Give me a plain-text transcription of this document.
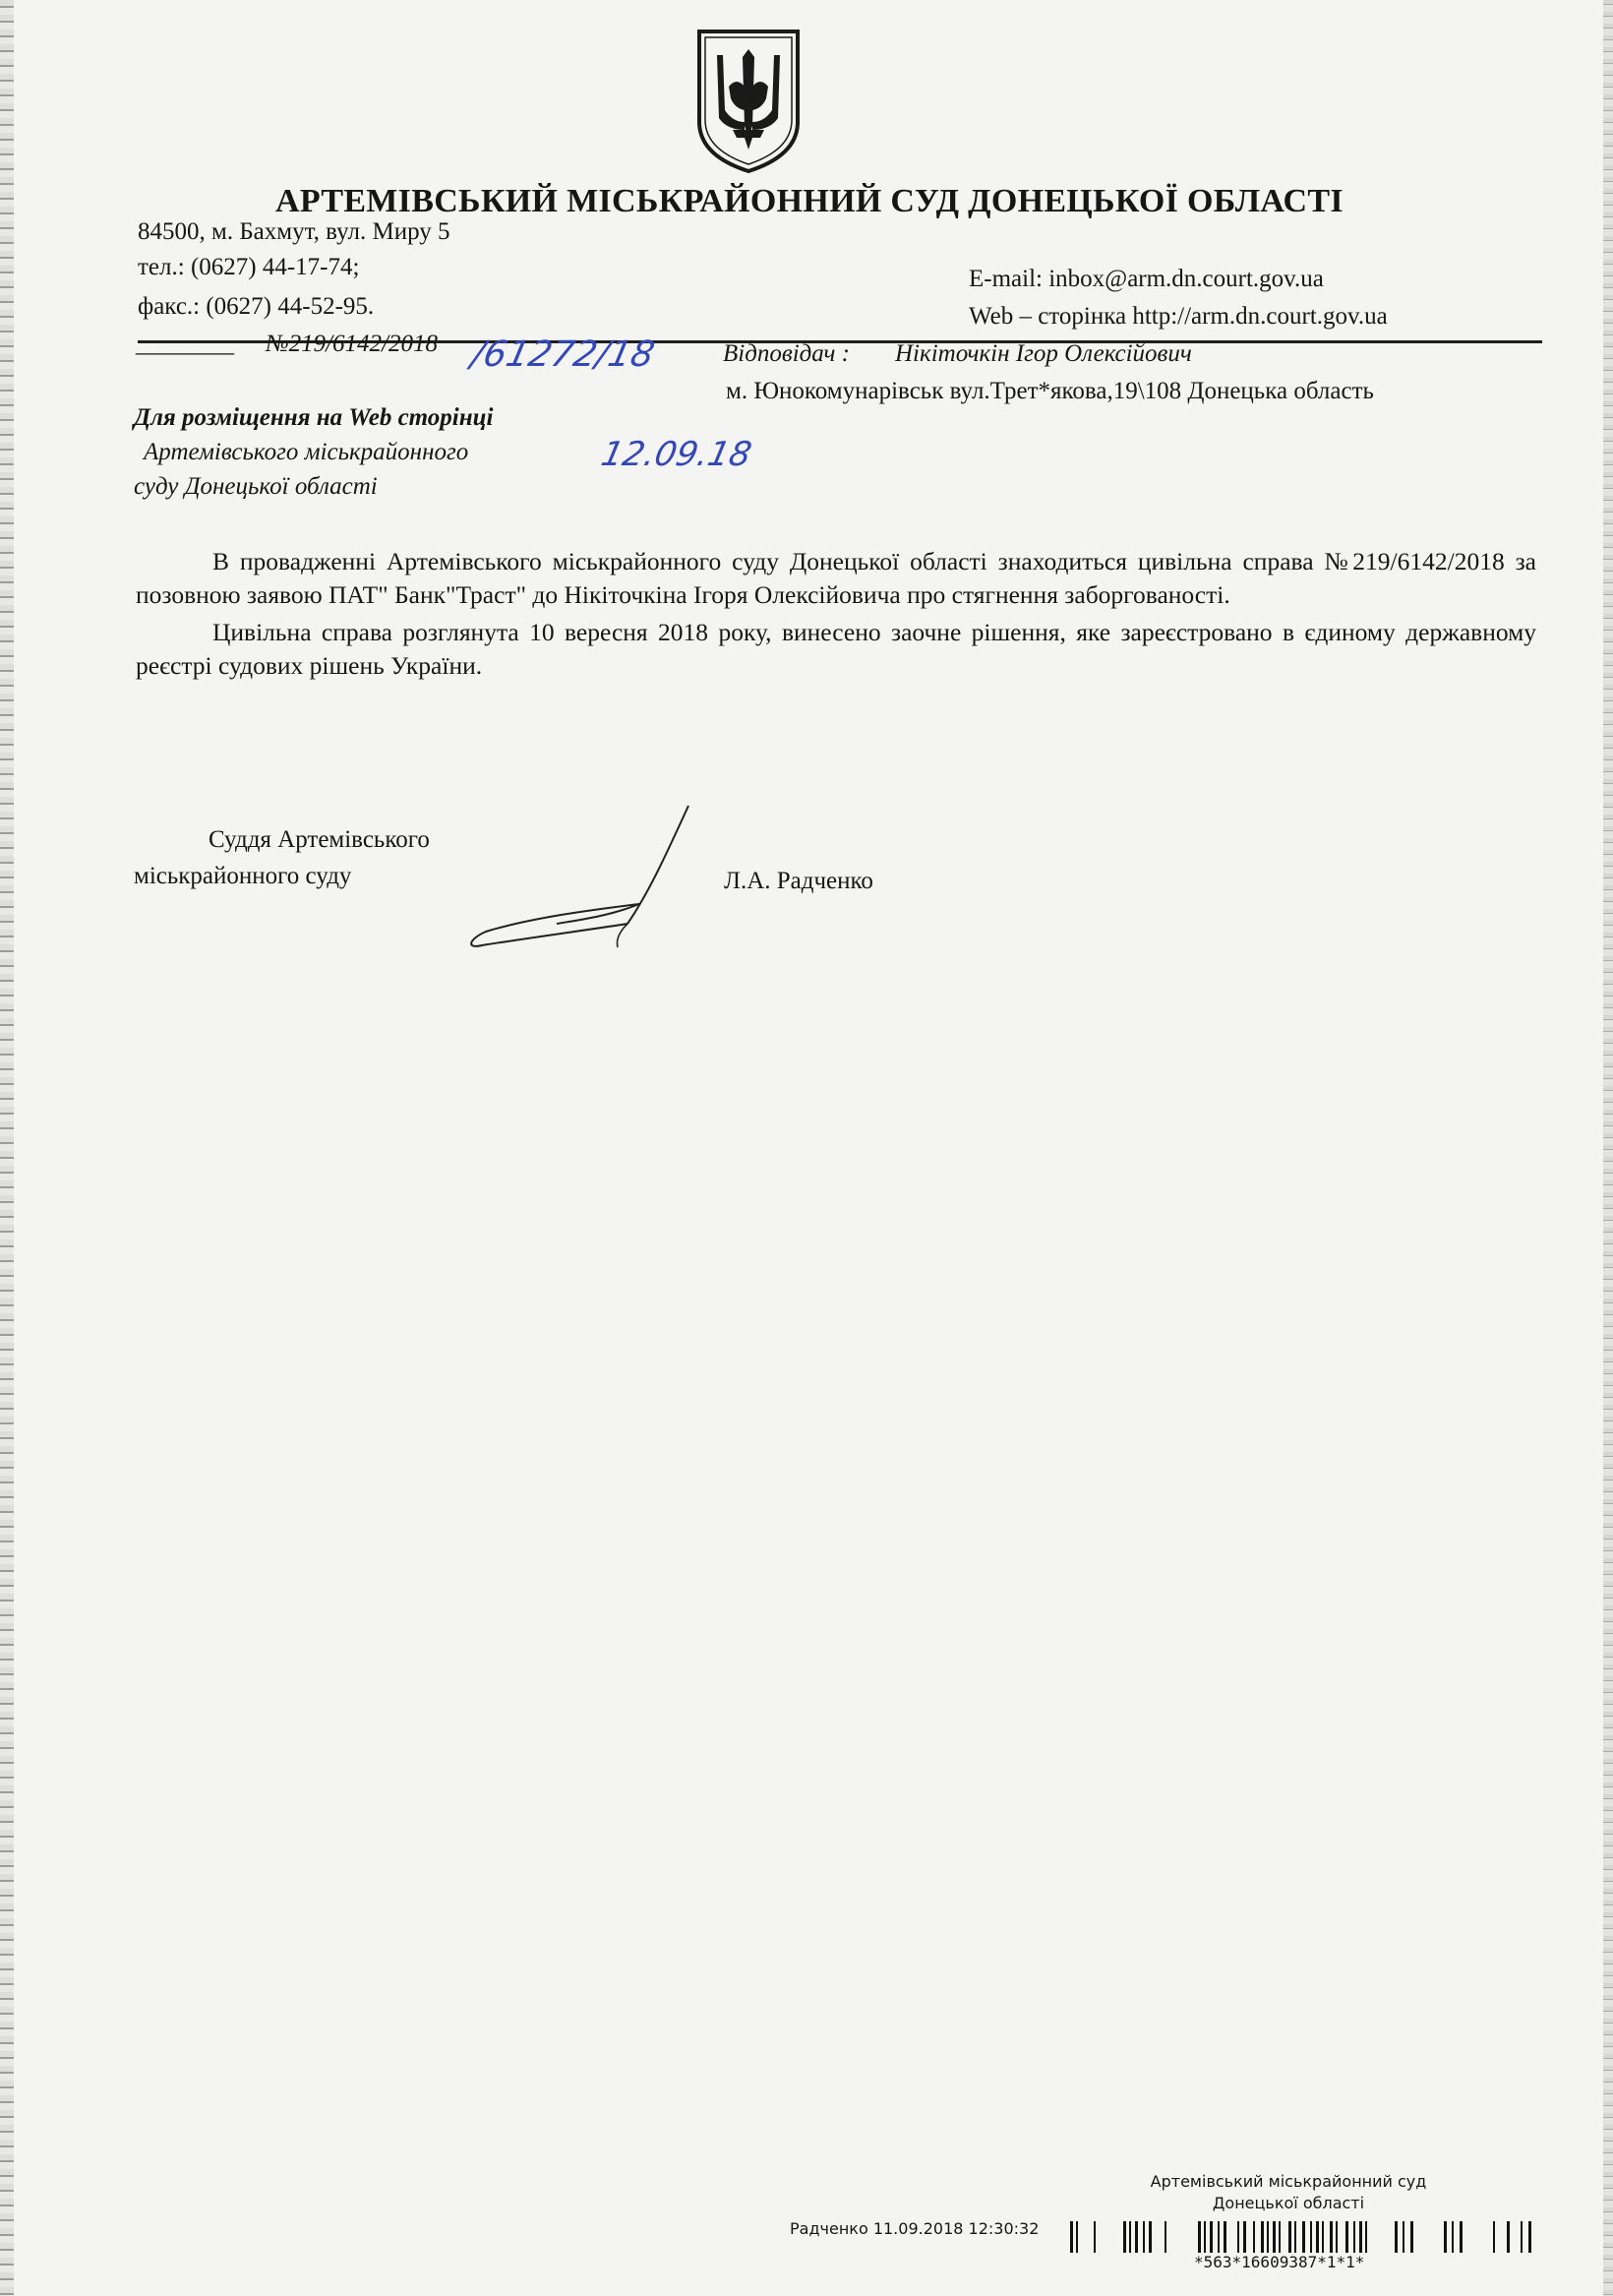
АРТЕМІВСЬКИЙ МІСЬКРАЙОННИЙ СУД ДОНЕЦЬКОЇ ОБЛАСТІ
84500, м. Бахмут, вул. Миру 5
тел.: (0627) 44-17-74;
факс.: (0627) 44-52-95.
E-mail: inbox@arm.dn.court.gov.ua
Web – сторінка http://arm.dn.court.gov.ua
________ №219/6142/2018 /61272/18	Відповідач : Нікіточкін Ігор Олексійович
м. Юнокомунарівськ вул.Трет*якова,19\108 Донецька область
Для розміщення на Web сторінці
Артемівського міськрайонного
суду Донецької області
12.09.18

В провадженні Артемівського міськрайонного суду Донецької області знаходиться цивільна справа №219/6142/2018 за позовною заявою ПАТ" Банк"Траст" до Нікіточкіна Ігоря Олексійовича про стягнення заборгованості.

Цивільна справа розглянута 10 вересня 2018 року, винесено заочне рішення, яке зареєстровано в єдиному державному реєстрі судових рішень України.

Суддя Артемівського
міськрайонного суду	Л.А. Радченко
Артемівський міськрайонний суд
Донецької області
Радченко 11.09.2018 12:30:32
*563*16609387*1*1*
